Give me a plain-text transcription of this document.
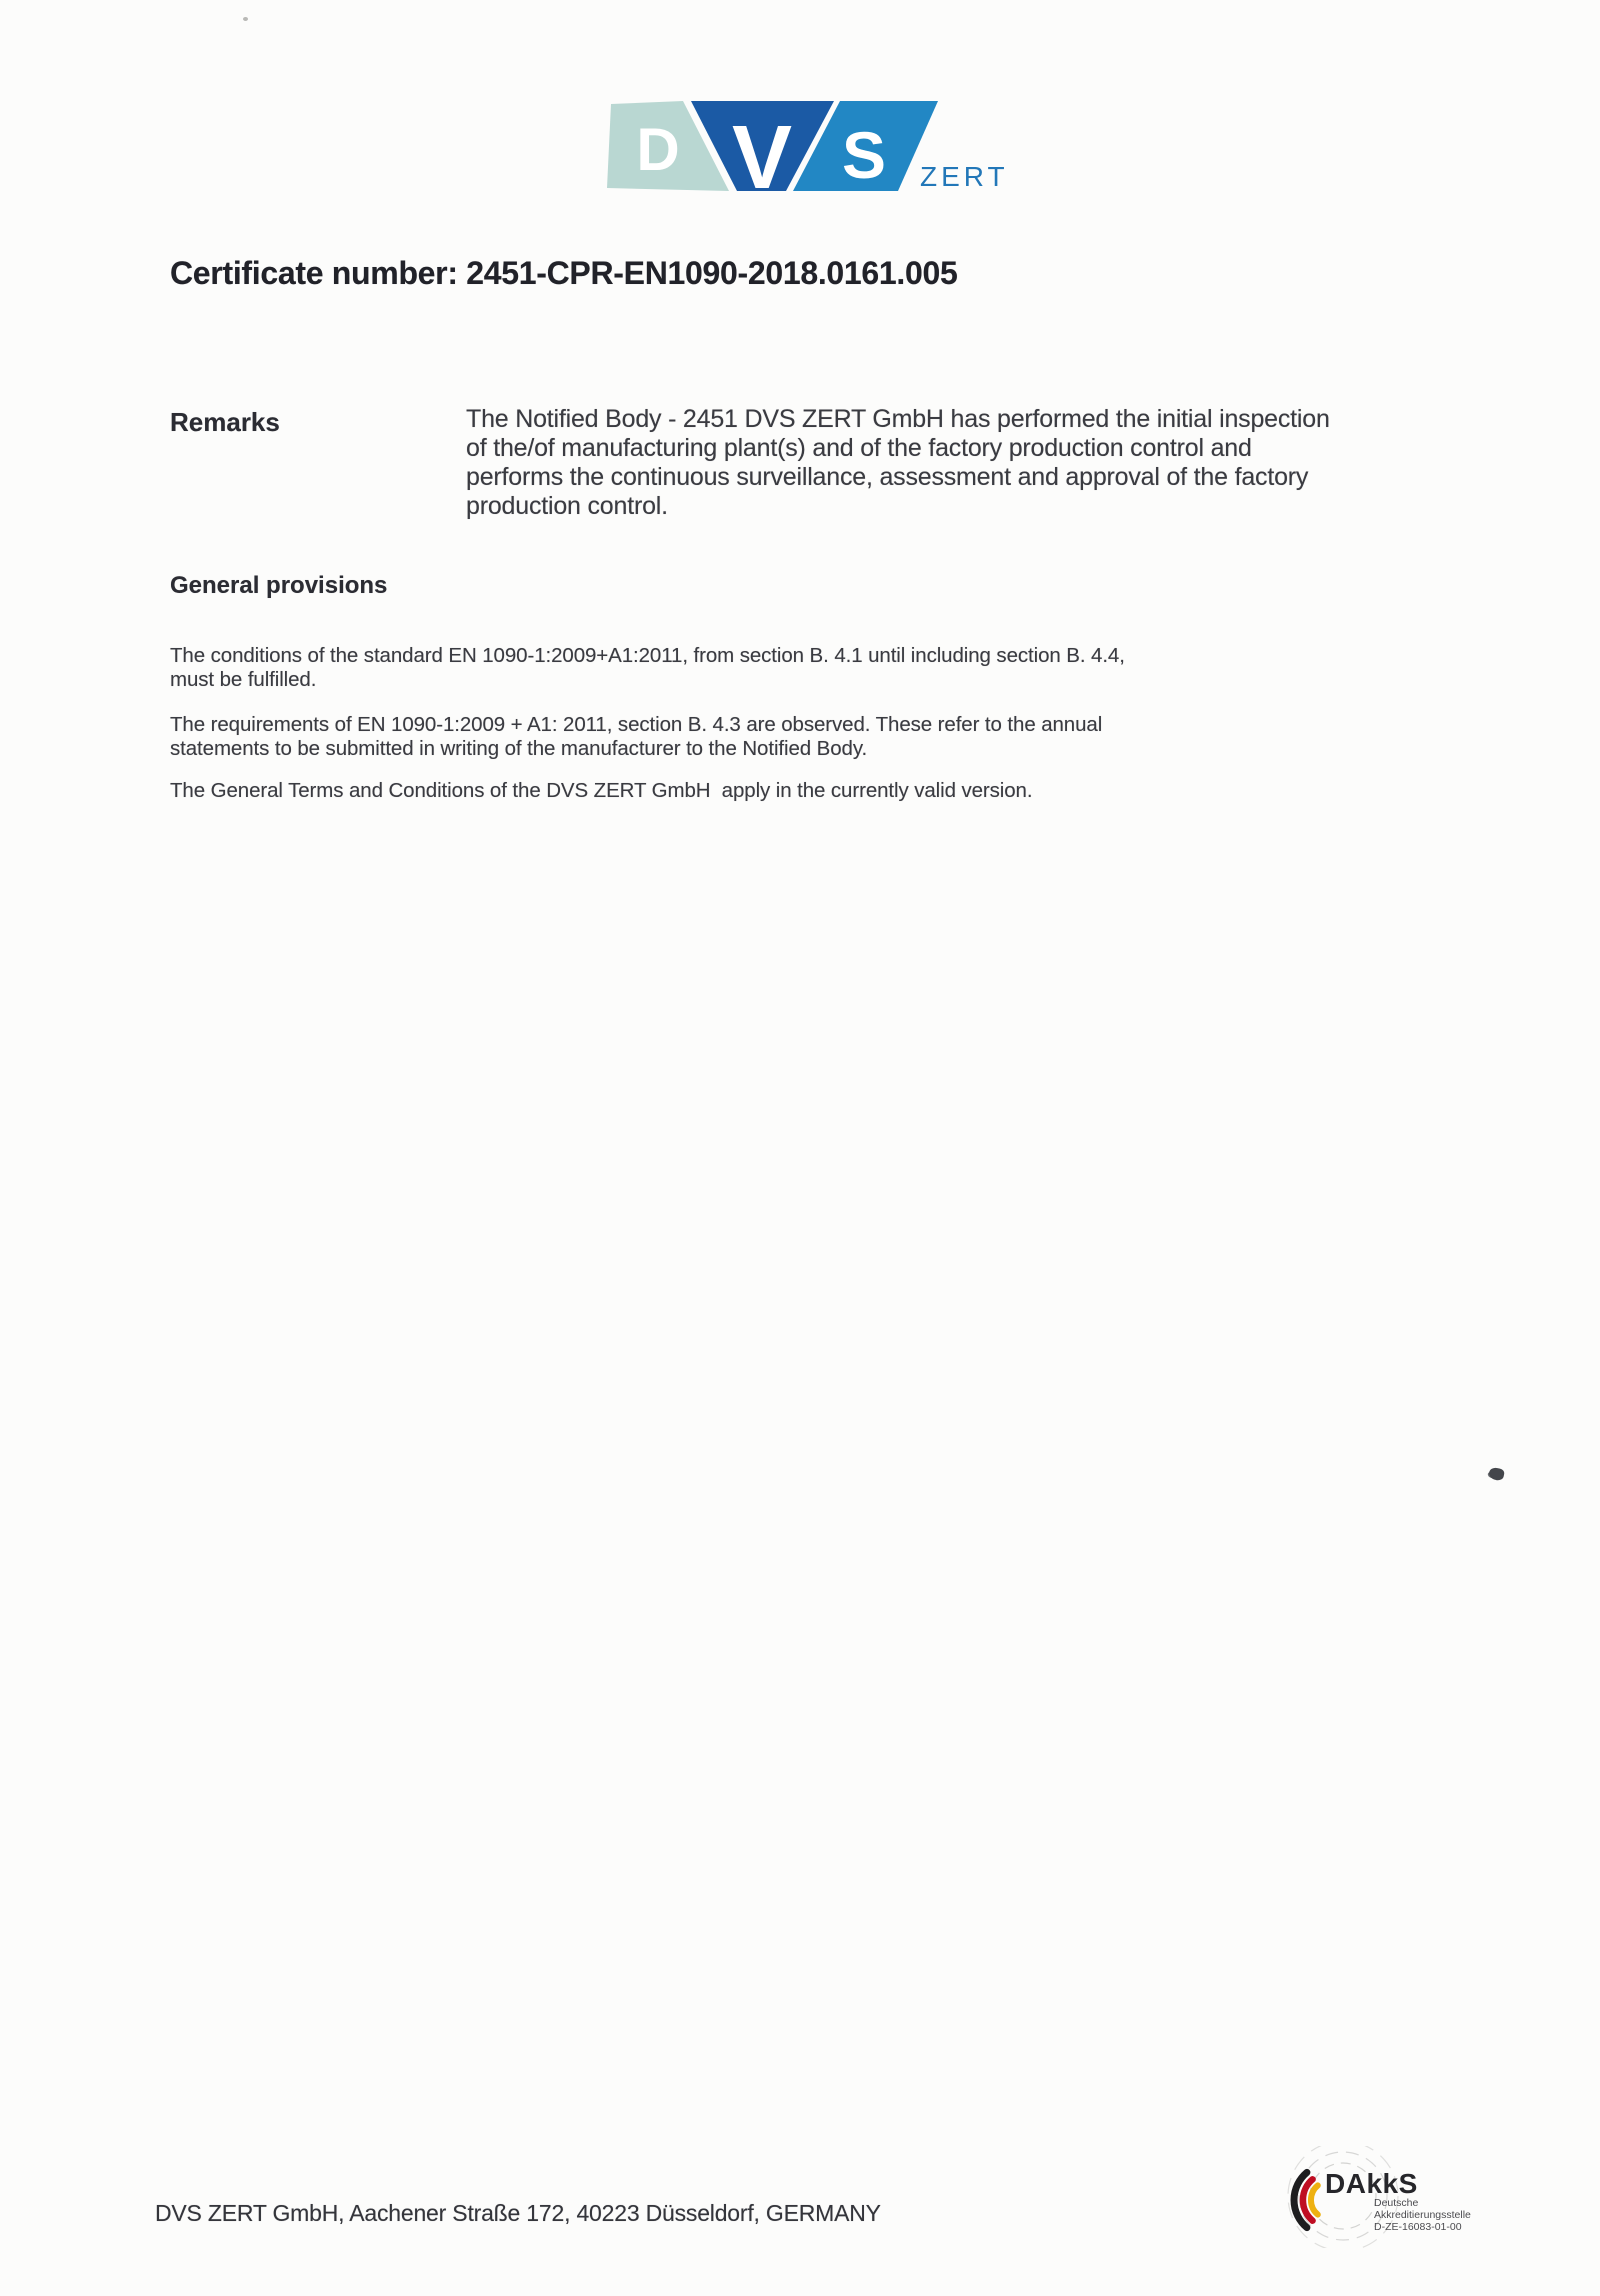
D V S ZERT
Certificate number: 2451-CPR-EN1090-2018.0161.005
Remarks	The Notified Body - 2451 DVS ZERT GmbH has performed the initial inspection
of the/of manufacturing plant(s) and of the factory production control and
performs the continuous surveillance, assessment and approval of the factory
production control.
General provisions
The conditions of the standard EN 1090-1:2009+A1:2011, from section B. 4.1 until including section B. 4.4,
must be fulfilled.
The requirements of EN 1090-1:2009 + A1: 2011, section B. 4.3 are observed. These refer to the annual
statements to be submitted in writing of the manufacturer to the Notified Body.
The General Terms and Conditions of the DVS ZERT GmbH  apply in the currently valid version.
DVS ZERT GmbH, Aachener Straße 172, 40223 Düsseldorf, GERMANY
DAkkS
Deutsche
Akkreditierungsstelle
D-ZE-16083-01-00
